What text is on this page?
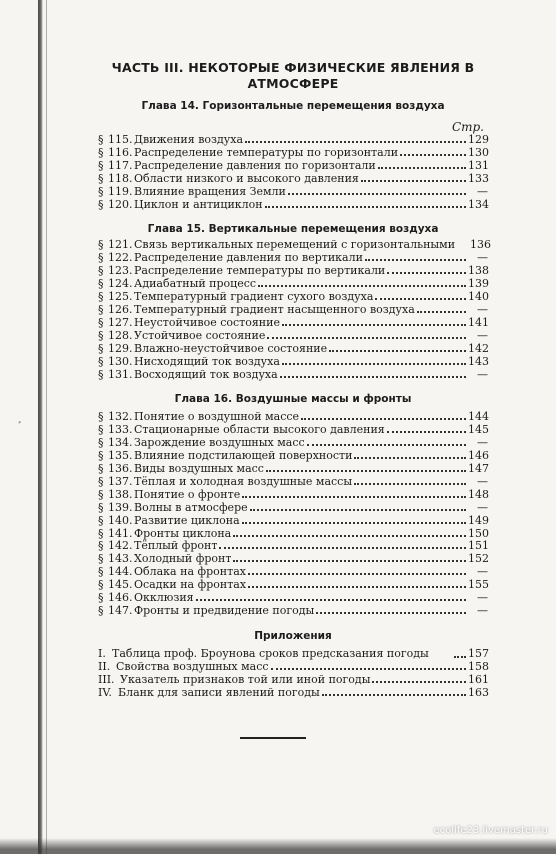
ﾞ
ЧАСТЬ III. НЕКОТОРЫЕ ФИЗИЧЕСКИЕ ЯВЛЕНИЯ В АТМОСФЕРЕ
Глава 14. Горизонтальные перемещения воздуха
Стр.
§ 115. Движения воздуха	129
§ 116. Распределение температуры по горизонтали	130
§ 117. Распределение давления по горизонтали	131
§ 118. Области низкого и высокого давления	133
§ 119. Влияние вращения Земли	—
§ 120. Циклон и антициклон	134
Глава 15. Вертикальные перемещения воздуха
§ 121. Связь вертикальных перемещений с горизонтальными	136
§ 122. Распределение давления по вертикали	—
§ 123. Распределение температуры по вертикали	138
§ 124. Адиабатный процесс	139
§ 125. Температурный градиент сухого воздуха	140
§ 126. Температурный градиент насыщенного воздуха	—
§ 127. Неустойчивое состояние	141
§ 128. Устойчивое состояние	—
§ 129. Влажно-неустойчивое состояние	142
§ 130. Нисходящий ток воздуха	143
§ 131. Восходящий ток воздуха	—
Глава 16. Воздушные массы и фронты
§ 132. Понятие о воздушной массе	144
§ 133. Стационарные области высокого давления	145
§ 134. Зарождение воздушных масс	—
§ 135. Влияние подстилающей поверхности	146
§ 136. Виды воздушных масс	147
§ 137. Тёплая и холодная воздушные массы	—
§ 138. Понятие о фронте	148
§ 139. Волны в атмосфере	—
§ 140. Развитие циклона	149
§ 141. Фронты циклона	150
§ 142. Тёплый фронт	151
§ 143. Холодный фронт	152
§ 144. Облака на фронтах	—
§ 145. Осадки на фронтах	155
§ 146. Окклюзия	—
§ 147. Фронты и предвидение погоды	—
Приложения
I. Таблица проф. Броунова сроков предсказания погоды	157
II. Свойства воздушных масс	158
III. Указатель признаков той или иной погоды	161
IV. Бланк для записи явлений погоды	163
ecolife23.livemaster.ru
